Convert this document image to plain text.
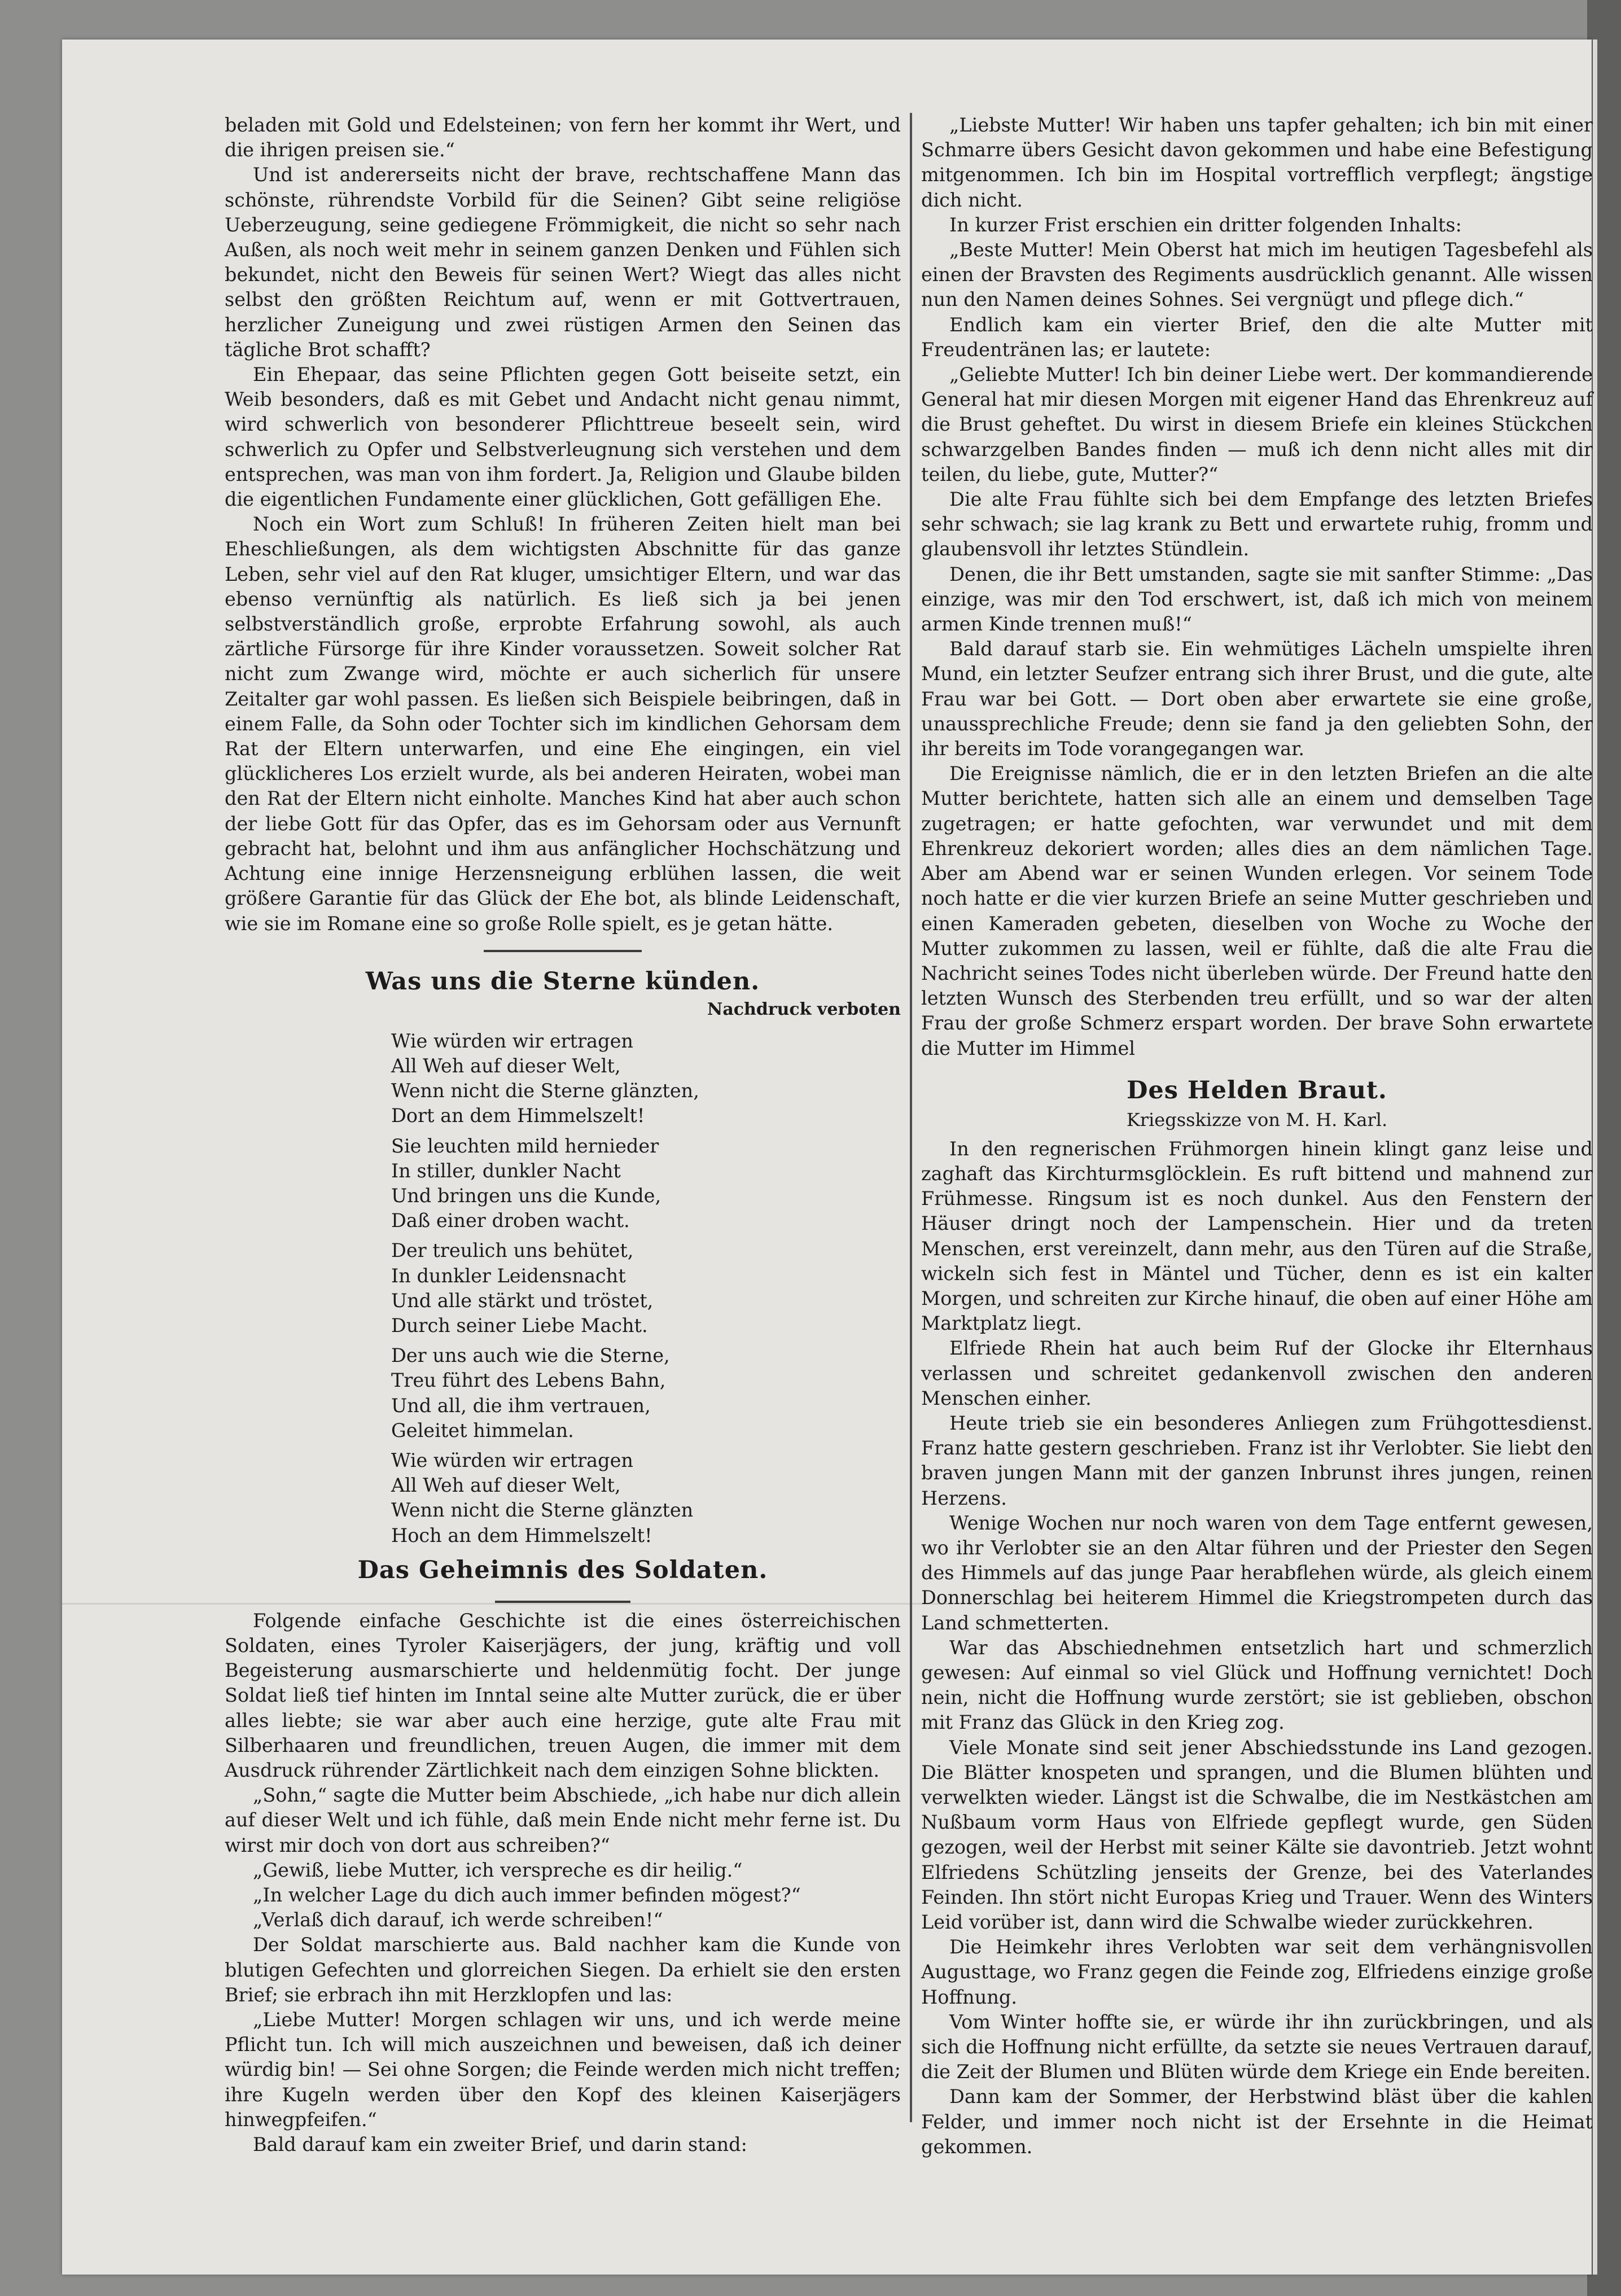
beladen mit Gold und Edelsteinen; von fern her kommt ihr Wert, und die ihrigen preisen sie.“

Und ist andererseits nicht der brave, rechtschaffene Mann das schönste, rührendste Vorbild für die Seinen? Gibt seine religiöse Ueberzeugung, seine gediegene Frömmigkeit, die nicht so sehr nach Außen, als noch weit mehr in seinem ganzen Denken und Fühlen sich bekundet, nicht den Beweis für seinen Wert? Wiegt das alles nicht selbst den größten Reichtum auf, wenn er mit Gottvertrauen, herzlicher Zuneigung und zwei rüstigen Armen den Seinen das tägliche Brot schafft?

Ein Ehepaar, das seine Pflichten gegen Gott beiseite setzt, ein Weib besonders, daß es mit Gebet und Andacht nicht genau nimmt, wird schwerlich von besonderer Pflichttreue beseelt sein, wird schwerlich zu Opfer und Selbstverleugnung sich verstehen und dem entsprechen, was man von ihm fordert. Ja, Religion und Glaube bilden die eigentlichen Fundamente einer glücklichen, Gott gefälligen Ehe.

Noch ein Wort zum Schluß! In früheren Zeiten hielt man bei Eheschließungen, als dem wichtigsten Abschnitte für das ganze Leben, sehr viel auf den Rat kluger, umsichtiger Eltern, und war das ebenso vernünftig als natürlich. Es ließ sich ja bei jenen selbstverständlich große, erprobte Erfahrung sowohl, als auch zärtliche Fürsorge für ihre Kinder voraussetzen. Soweit solcher Rat nicht zum Zwange wird, möchte er auch sicherlich für unsere Zeitalter gar wohl passen. Es ließen sich Beispiele beibringen, daß in einem Falle, da Sohn oder Tochter sich im kindlichen Gehorsam dem Rat der Eltern unterwarfen, und eine Ehe eingingen, ein viel glücklicheres Los erzielt wurde, als bei anderen Heiraten, wobei man den Rat der Eltern nicht einholte. Manches Kind hat aber auch schon der liebe Gott für das Opfer, das es im Gehorsam oder aus Vernunft gebracht hat, belohnt und ihm aus anfänglicher Hochschätzung und Achtung eine innige Herzensneigung erblühen lassen, die weit größere Garantie für das Glück der Ehe bot, als blinde Leidenschaft, wie sie im Romane eine so große Rolle spielt, es je getan hätte.

Was uns die Sterne künden.
Nachdruck verboten
Wie würden wir ertragen
All Weh auf dieser Welt,
Wenn nicht die Sterne glänzten,
Dort an dem Himmelszelt!
Sie leuchten mild hernieder
In stiller, dunkler Nacht
Und bringen uns die Kunde,
Daß einer droben wacht.
Der treulich uns behütet,
In dunkler Leidensnacht
Und alle stärkt und tröstet,
Durch seiner Liebe Macht.
Der uns auch wie die Sterne,
Treu führt des Lebens Bahn,
Und all, die ihm vertrauen,
Geleitet himmelan.
Wie würden wir ertragen
All Weh auf dieser Welt,
Wenn nicht die Sterne glänzten
Hoch an dem Himmelszelt!
Das Geheimnis des Soldaten.

Folgende einfache Geschichte ist die eines österreichischen Soldaten, eines Tyroler Kaiserjägers, der jung, kräftig und voll Begeisterung ausmarschierte und heldenmütig focht. Der junge Soldat ließ tief hinten im Inntal seine alte Mutter zurück, die er über alles liebte; sie war aber auch eine herzige, gute alte Frau mit Silberhaaren und freundlichen, treuen Augen, die immer mit dem Ausdruck rührender Zärtlichkeit nach dem einzigen Sohne blickten.

„Sohn,“ sagte die Mutter beim Abschiede, „ich habe nur dich allein auf dieser Welt und ich fühle, daß mein Ende nicht mehr ferne ist. Du wirst mir doch von dort aus schreiben?“

„Gewiß, liebe Mutter, ich verspreche es dir heilig.“

„In welcher Lage du dich auch immer befinden mögest?“

„Verlaß dich darauf, ich werde schreiben!“

Der Soldat marschierte aus. Bald nachher kam die Kunde von blutigen Gefechten und glorreichen Siegen. Da erhielt sie den ersten Brief; sie erbrach ihn mit Herzklopfen und las:

„Liebe Mutter! Morgen schlagen wir uns, und ich werde meine Pflicht tun. Ich will mich auszeichnen und beweisen, daß ich deiner würdig bin! — Sei ohne Sorgen; die Feinde werden mich nicht treffen; ihre Kugeln werden über den Kopf des kleinen Kaiserjägers hinwegpfeifen.“

Bald darauf kam ein zweiter Brief, und darin stand:

„Liebste Mutter! Wir haben uns tapfer gehalten; ich bin mit einer Schmarre übers Gesicht davon gekommen und habe eine Befestigung mitgenommen. Ich bin im Hospital vortrefflich verpflegt; ängstige dich nicht.

In kurzer Frist erschien ein dritter folgenden Inhalts:

„Beste Mutter! Mein Oberst hat mich im heutigen Tagesbefehl als einen der Bravsten des Regiments ausdrücklich genannt. Alle wissen nun den Namen deines Sohnes. Sei vergnügt und pflege dich.“

Endlich kam ein vierter Brief, den die alte Mutter mit Freudentränen las; er lautete:

„Geliebte Mutter! Ich bin deiner Liebe wert. Der kommandierende General hat mir diesen Morgen mit eigener Hand das Ehrenkreuz auf die Brust geheftet. Du wirst in diesem Briefe ein kleines Stückchen schwarzgelben Bandes finden — muß ich denn nicht alles mit dir teilen, du liebe, gute, Mutter?“

Die alte Frau fühlte sich bei dem Empfange des letzten Briefes sehr schwach; sie lag krank zu Bett und erwartete ruhig, fromm und glaubensvoll ihr letztes Stündlein.

Denen, die ihr Bett umstanden, sagte sie mit sanfter Stimme: „Das einzige, was mir den Tod erschwert, ist, daß ich mich von meinem armen Kinde trennen muß!“

Bald darauf starb sie. Ein wehmütiges Lächeln umspielte ihren Mund, ein letzter Seufzer entrang sich ihrer Brust, und die gute, alte Frau war bei Gott. — Dort oben aber erwartete sie eine große, unaussprechliche Freude; denn sie fand ja den geliebten Sohn, der ihr bereits im Tode vorangegangen war.

Die Ereignisse nämlich, die er in den letzten Briefen an die alte Mutter berichtete, hatten sich alle an einem und demselben Tage zugetragen; er hatte gefochten, war verwundet und mit dem Ehrenkreuz dekoriert worden; alles dies an dem nämlichen Tage. Aber am Abend war er seinen Wunden erlegen. Vor seinem Tode noch hatte er die vier kurzen Briefe an seine Mutter geschrieben und einen Kameraden gebeten, dieselben von Woche zu Woche der Mutter zukommen zu lassen, weil er fühlte, daß die alte Frau die Nachricht seines Todes nicht überleben würde. Der Freund hatte den letzten Wunsch des Sterbenden treu erfüllt, und so war der alten Frau der große Schmerz erspart worden. Der brave Sohn erwartete die Mutter im Himmel

Des Helden Braut.
Kriegsskizze von M. H. Karl.

In den regnerischen Frühmorgen hinein klingt ganz leise und zaghaft das Kirchturmsglöcklein. Es ruft bittend und mahnend zur Frühmesse. Ringsum ist es noch dunkel. Aus den Fenstern der Häuser dringt noch der Lampenschein. Hier und da treten Menschen, erst vereinzelt, dann mehr, aus den Türen auf die Straße, wickeln sich fest in Mäntel und Tücher, denn es ist ein kalter Morgen, und schreiten zur Kirche hinauf, die oben auf einer Höhe am Marktplatz liegt.

Elfriede Rhein hat auch beim Ruf der Glocke ihr Elternhaus verlassen und schreitet gedankenvoll zwischen den anderen Menschen einher.

Heute trieb sie ein besonderes Anliegen zum Frühgottesdienst. Franz hatte gestern geschrieben. Franz ist ihr Verlobter. Sie liebt den braven jungen Mann mit der ganzen Inbrunst ihres jungen, reinen Herzens.

Wenige Wochen nur noch waren von dem Tage entfernt gewesen, wo ihr Verlobter sie an den Altar führen und der Priester den Segen des Himmels auf das junge Paar herabflehen würde, als gleich einem Donnerschlag bei heiterem Himmel die Kriegstrompeten durch das Land schmetterten.

War das Abschiednehmen entsetzlich hart und schmerzlich gewesen: Auf einmal so viel Glück und Hoffnung vernichtet! Doch nein, nicht die Hoffnung wurde zerstört; sie ist geblieben, obschon mit Franz das Glück in den Krieg zog.

Viele Monate sind seit jener Abschiedsstunde ins Land gezogen. Die Blätter knospeten und sprangen, und die Blumen blühten und verwelkten wieder. Längst ist die Schwalbe, die im Nestkästchen am Nußbaum vorm Haus von Elfriede gepflegt wurde, gen Süden gezogen, weil der Herbst mit seiner Kälte sie davontrieb. Jetzt wohnt Elfriedens Schützling jenseits der Grenze, bei des Vaterlandes Feinden. Ihn stört nicht Europas Krieg und Trauer. Wenn des Winters Leid vorüber ist, dann wird die Schwalbe wieder zurückkehren.

Die Heimkehr ihres Verlobten war seit dem verhängnisvollen Augusttage, wo Franz gegen die Feinde zog, Elfriedens einzige große Hoffnung.

Vom Winter hoffte sie, er würde ihr ihn zurückbringen, und als sich die Hoffnung nicht erfüllte, da setzte sie neues Vertrauen darauf, die Zeit der Blumen und Blüten würde dem Kriege ein Ende bereiten.

Dann kam der Sommer, der Herbstwind bläst über die kahlen Felder, und immer noch nicht ist der Ersehnte in die Heimat gekommen.
